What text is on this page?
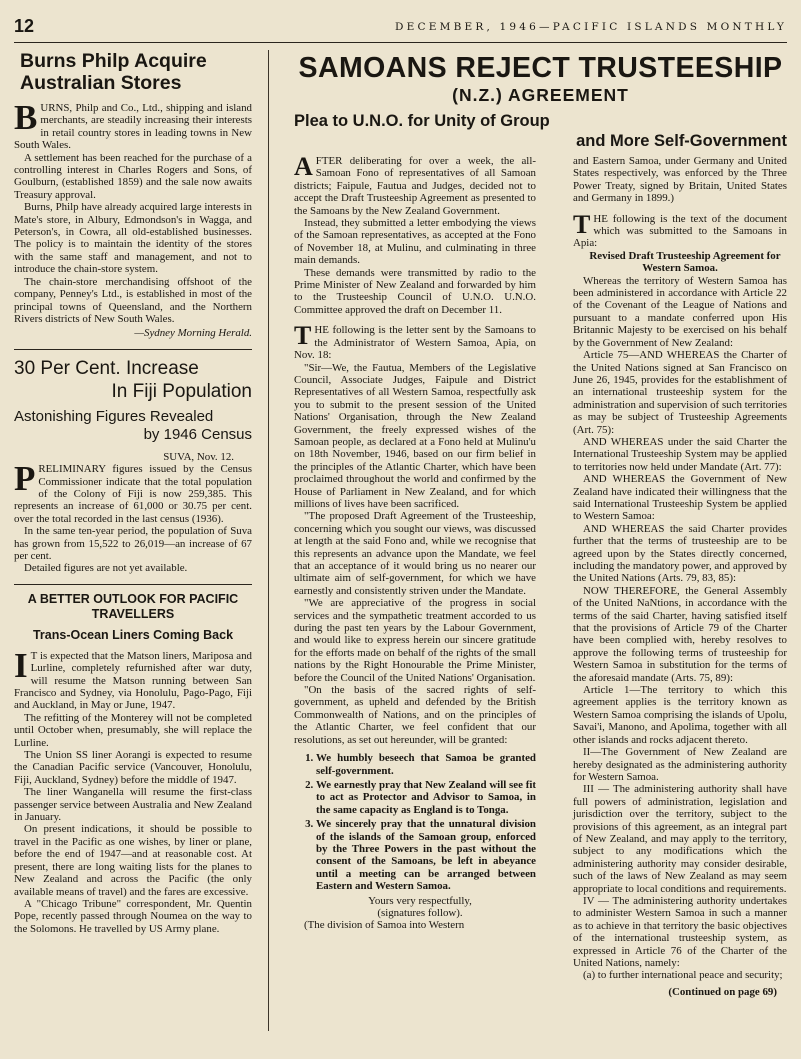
12	DECEMBER, 1946—PACIFIC ISLANDS MONTHLY
Burns Philp Acquire Australian Stores

BURNS, Philp and Co., Ltd., shipping and island merchants, are steadily increasing their interests in retail country stores in leading towns in New South Wales.

A settlement has been reached for the purchase of a controlling interest in Charles Rogers and Sons, of Goulburn, (established 1859) and the sale now awaits Treasury approval.

Burns, Philp have already acquired large interests in Mate's store, in Albury, Edmondson's in Wagga, and Peterson's, in Cowra, all old-established businesses. The policy is to maintain the identity of the stores with the same staff and management, and not to introduce the chain-store system.

The chain-store merchandising offshoot of the company, Penney's Ltd., is established in most of the principal towns of Queensland, and the Northern Rivers districts of New South Wales.

—Sydney Morning Herald.
30 Per Cent. Increase
In Fiji Population
Astonishing Figures Revealed
by 1946 Census

SUVA, Nov. 12.

PRELIMINARY figures issued by the Census Commissioner indicate that the total population of the Colony of Fiji is now 259,385. This represents an increase of 61,000 or 30.75 per cent. over the total recorded in the last census (1936).

In the same ten-year period, the population of Suva has grown from 15,522 to 26,019—an increase of 67 per cent.

Detailed figures are not yet available.

A BETTER OUTLOOK FOR PACIFIC TRAVELLERS
Trans-Ocean Liners Coming Back

I T is expected that the Matson liners, Mariposa and Lurline, completely refurnished after war duty, will resume the Matson running between San Francisco and Sydney, via Honolulu, Pago-Pago, Fiji and Auckland, in May or June, 1947.

The refitting of the Monterey will not be completed until October when, presumably, she will replace the Lurline.

The Union SS liner Aorangi is expected to resume the Canadian Pacific service (Vancouver, Honolulu, Fiji, Auckland, Sydney) before the middle of 1947.

The liner Wanganella will resume the first-class passenger service between Australia and New Zealand in January.

On present indications, it should be possible to travel in the Pacific as one wishes, by liner or plane, before the end of 1947—and at reasonable cost. At present, there are long waiting lists for the planes to New Zealand and across the Pacific (the only available means of travel) and the fares are excessive.

A "Chicago Tribune" correspondent, Mr. Quentin Pope, recently passed through Noumea on the way to the Solomons. He travelled by US Army plane.

SAMOANS REJECT TRUSTEESHIP
(N.Z.) AGREEMENT
Plea to U.N.O. for Unity of Group
and More Self-Government

AFTER deliberating for over a week, the all-Samoan Fono of representatives of all Samoan districts; Faipule, Fautua and Judges, decided not to accept the Draft Trusteeship Agreement as presented to the Samoans by the New Zealand Government.

Instead, they submitted a letter embodying the views of the Samoan representatives, as accepted at the Fono of November 18, at Mulinu, and culminating in three main demands.

These demands were transmitted by radio to the Prime Minister of New Zealand and forwarded by him to the Trusteeship Council of U.N.O. U.N.O. Committee approved the draft on December 11.

THE following is the letter sent by the Samoans to the Administrator of Western Samoa, Apia, on Nov. 18:

"Sir—We, the Fautua, Members of the Legislative Council, Associate Judges, Faipule and District Representatives of all Western Samoa, respectfully ask you to submit to the present session of the United Nations' Organisation, through the New Zealand Government, the freely expressed wishes of the Samoan people, as declared at a Fono held at Mulinu'u on 18th November, 1946, based on our firm belief in the principles of the Atlantic Charter, which have been proclaimed throughout the world and confirmed by the House of Parliament in New Zealand, and for which millions of lives have been sacrificed.

"The proposed Draft Agreement of the Trusteeship, concerning which you sought our views, was discussed at length at the said Fono and, while we recognise that this represents an advance upon the Mandate, we feel that an acceptance of it would bring us no nearer our ultimate aim of self-government, for which we have earnestly and consistently striven under the Mandate.

"We are appreciative of the progress in social services and the sympathetic treatment accorded to us during the past ten years by the Labour Government, and would like to express herein our sincere gratitude for the efforts made on behalf of the rights of the small nations by the Right Honourable the Prime Minister, before the Council of the United Nations' Organisation.

"On the basis of the sacred rights of self-government, as upheld and defended by the British Commonwealth of Nations, and on the principles of the Atlantic Charter, we feel confident that our resolutions, as set out hereunder, will be granted:

1. We humbly beseech that Samoa be granted self-government.
2. We earnestly pray that New Zealand will see fit to act as Protector and Advisor to Samoa, in the same capacity as England is to Tonga.
3. We sincerely pray that the unnatural division of the islands of the Samoan group, enforced by the Three Powers in the past without the consent of the Samoans, be left in abeyance until a meeting can be arranged between Eastern and Western Samoa.

Yours very respectfully,

(signatures follow).

(The division of Samoa into Western

and Eastern Samoa, under Germany and United States respectively, was enforced by the Three Power Treaty, signed by Britain, United States and Germany in 1899.)

THE following is the text of the document which was submitted to the Samoans in Apia:

Revised Draft Trusteeship Agreement for Western Samoa.

Whereas the territory of Western Samoa has been administered in accordance with Article 22 of the Covenant of the League of Nations and pursuant to a mandate conferred upon His Britannic Majesty to be exercised on his behalf by the Government of New Zealand:

Article 75—AND WHEREAS the Charter of the United Nations signed at San Francisco on June 26, 1945, provides for the establishment of an international trusteeship system for the administration and supervision of such territories as may be subject of Trusteeship Agreements (Art. 75):

AND WHEREAS under the said Charter the International Trusteeship System may be applied to territories now held under Mandate (Art. 77):

AND WHEREAS the Government of New Zealand have indicated their willingness that the said International Trusteeship System be applied to Western Samoa:

AND WHEREAS the said Charter provides further that the terms of trusteeship are to be agreed upon by the States directly concerned, including the mandatory power, and approved by the United Nations (Arts. 79, 83, 85):

NOW THEREFORE, the General Assembly of the United NaNtions, in accordance with the terms of the said Charter, having satisfied itself that the provisions of Article 79 of the Charter have been complied with, hereby resolves to approve the following terms of trusteeship for Western Samoa in substitution for the terms of the aforesaid mandate (Arts. 75, 89):

Article 1—The territory to which this agreement applies is the territory known as Western Samoa comprising the islands of Upolu, Savai'i, Manono, and Apolima, together with all other islands and rocks adjacent thereto.

II—The Government of New Zealand are hereby designated as the administering authority for Western Samoa.

III — The administering authority shall have full powers of administration, legislation and jurisdiction over the territory, subject to the provisions of this agreement, as an integral part of New Zealand, and may apply to the territory, subject to any modifications which the administering authority may consider desirable, such of the laws of New Zealand as may seem appropriate to local conditions and requirements.

IV — The administering authority undertakes to administer Western Samoa in such a manner as to achieve in that territory the basic objectives of the international trusteeship system, as expressed in Article 76 of the Charter of the United Nations, namely:

(a) to further international peace and security;

(Continued on page 69)
